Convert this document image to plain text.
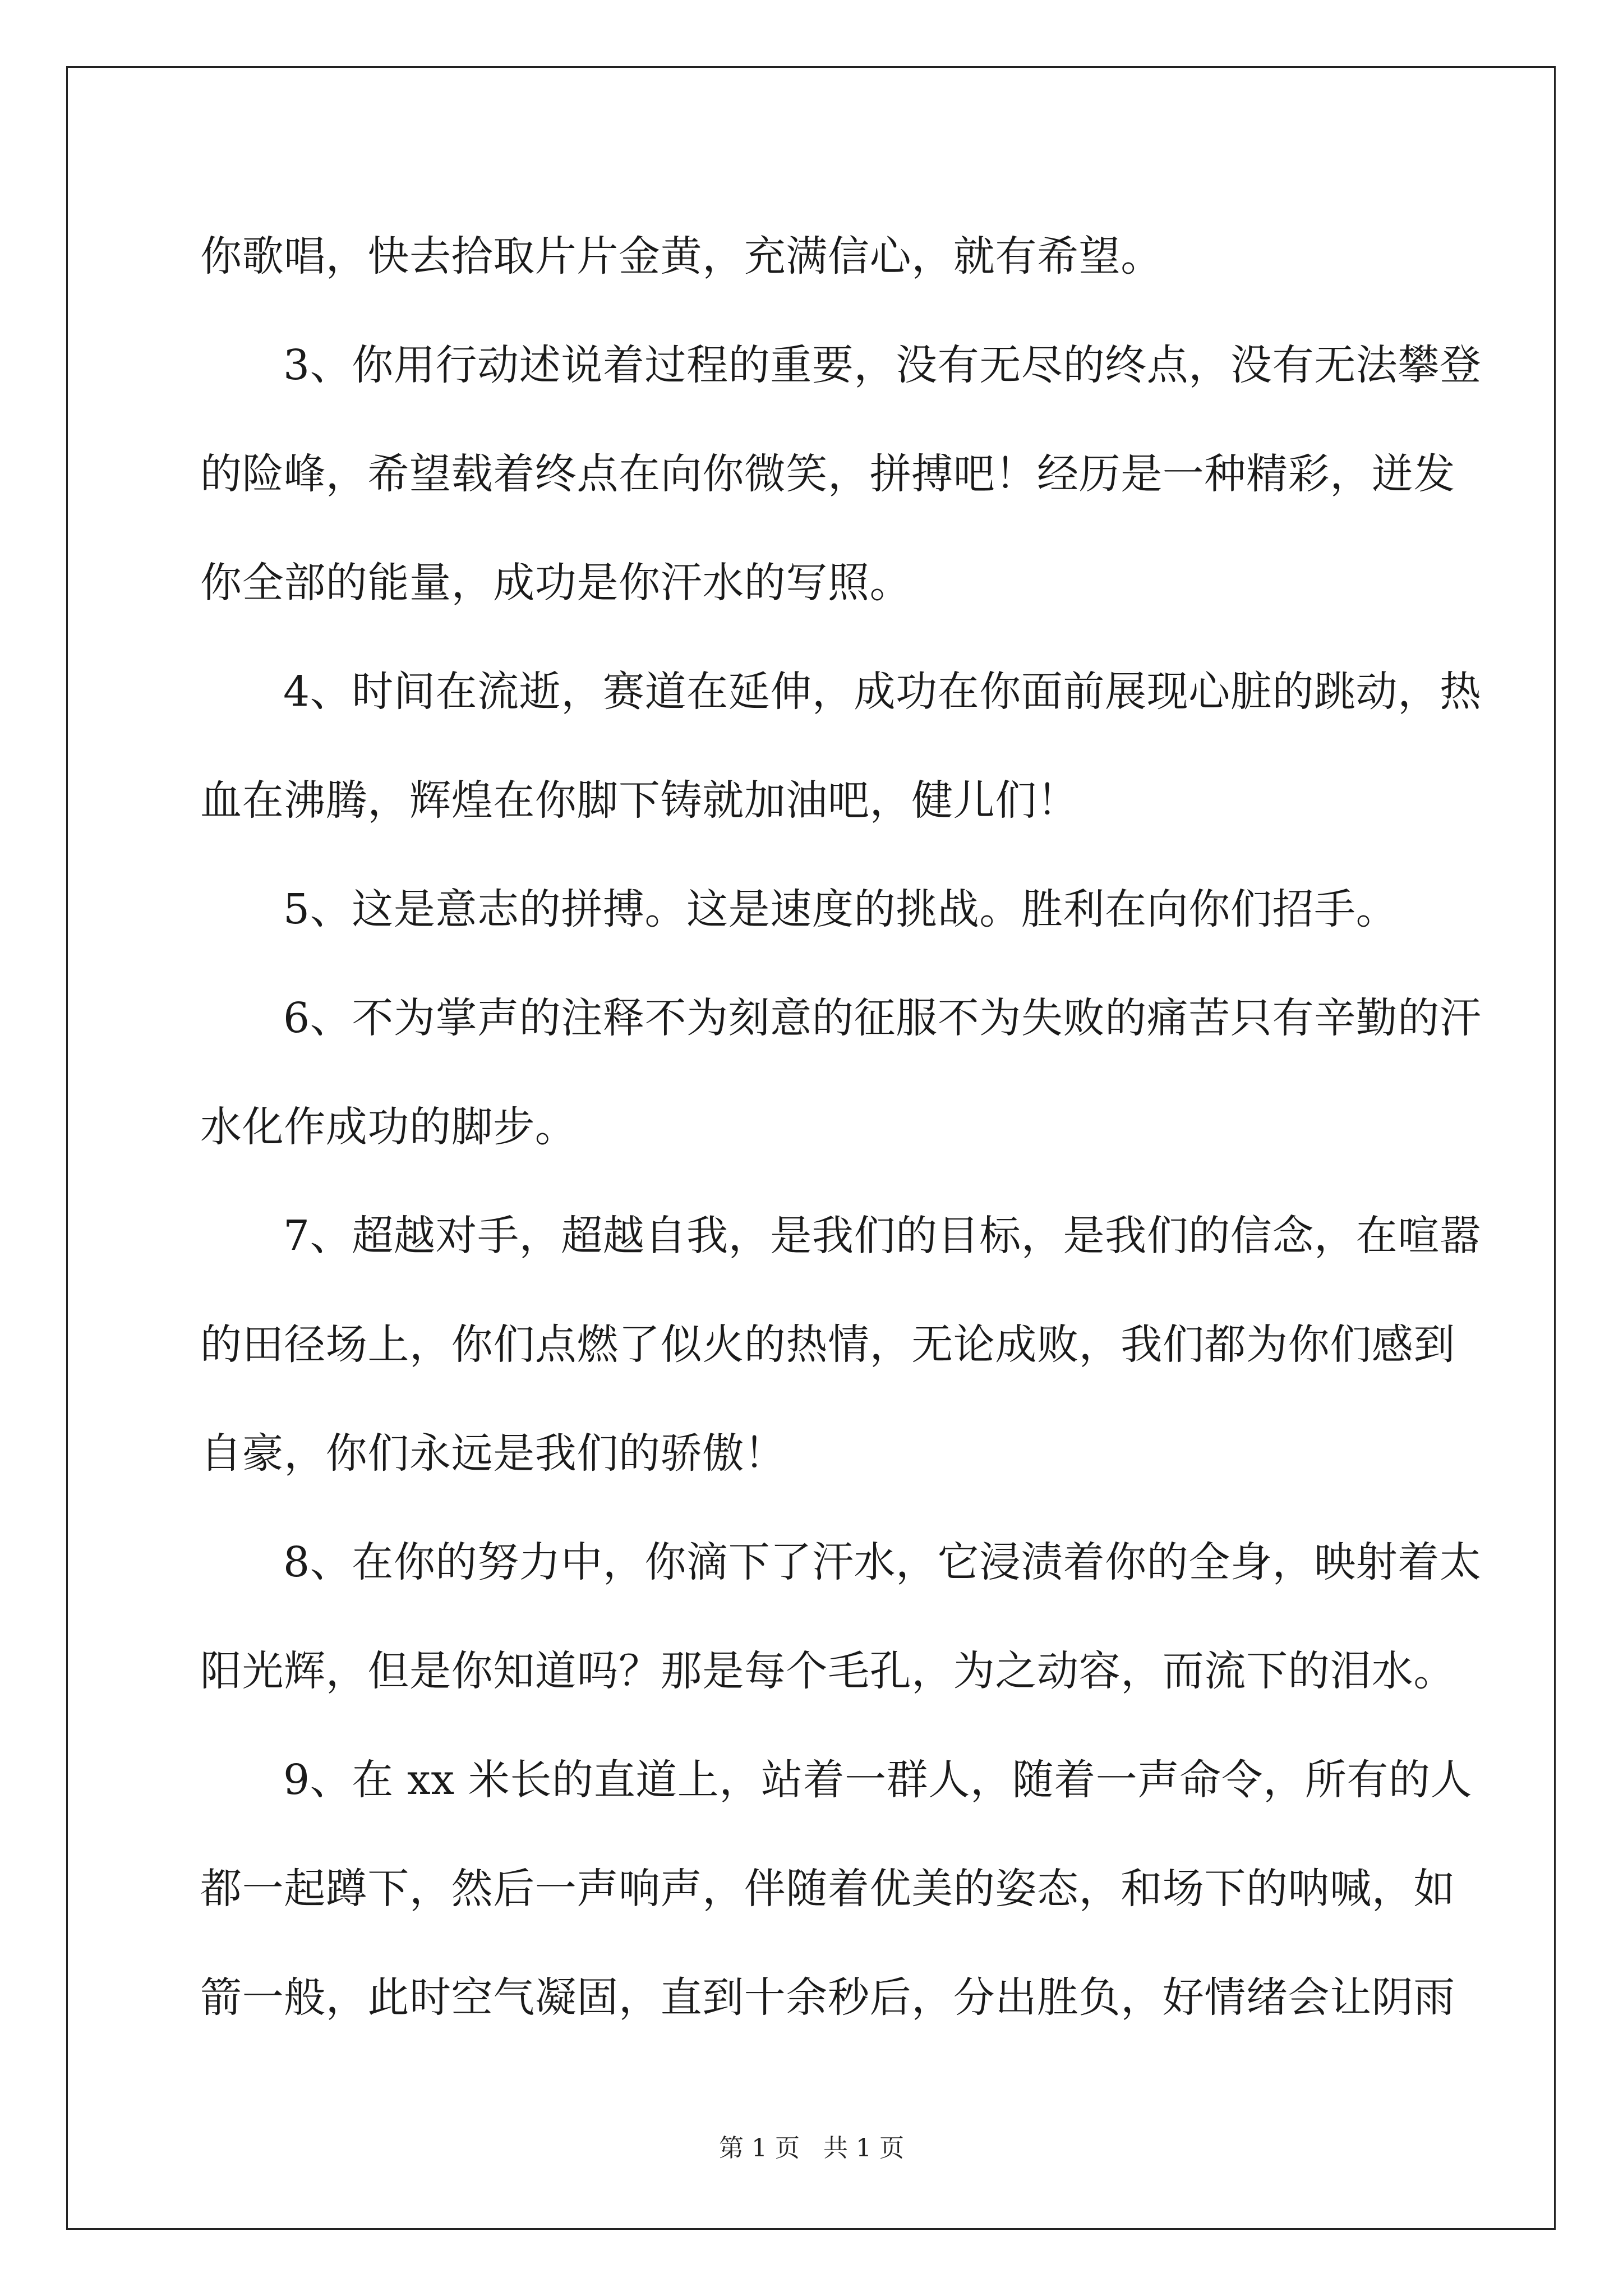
你歌唱，快去拾取片片金黄，充满信心，就有希望。
3、你用行动述说着过程的重要，没有无尽的终点，没有无法攀登
的险峰，希望载着终点在向你微笑，拼搏吧！经历是一种精彩，迸发
你全部的能量，成功是你汗水的写照。
4、时间在流逝，赛道在延伸，成功在你面前展现心脏的跳动，热
血在沸腾，辉煌在你脚下铸就加油吧，健儿们！
5、这是意志的拼搏。这是速度的挑战。胜利在向你们招手。
6、不为掌声的注释不为刻意的征服不为失败的痛苦只有辛勤的汗
水化作成功的脚步。
7、超越对手，超越自我，是我们的目标，是我们的信念，在喧嚣
的田径场上，你们点燃了似火的热情，无论成败，我们都为你们感到
自豪，你们永远是我们的骄傲！
8、在你的努力中，你滴下了汗水，它浸渍着你的全身，映射着太
阳光辉，但是你知道吗？那是每个毛孔，为之动容，而流下的泪水。
9、在 xx 米长的直道上，站着一群人，随着一声命令，所有的人
都一起蹲下，然后一声响声，伴随着优美的姿态，和场下的呐喊，如
箭一般，此时空气凝固，直到十余秒后，分出胜负，好情绪会让阴雨
第 1 页   共 1 页
